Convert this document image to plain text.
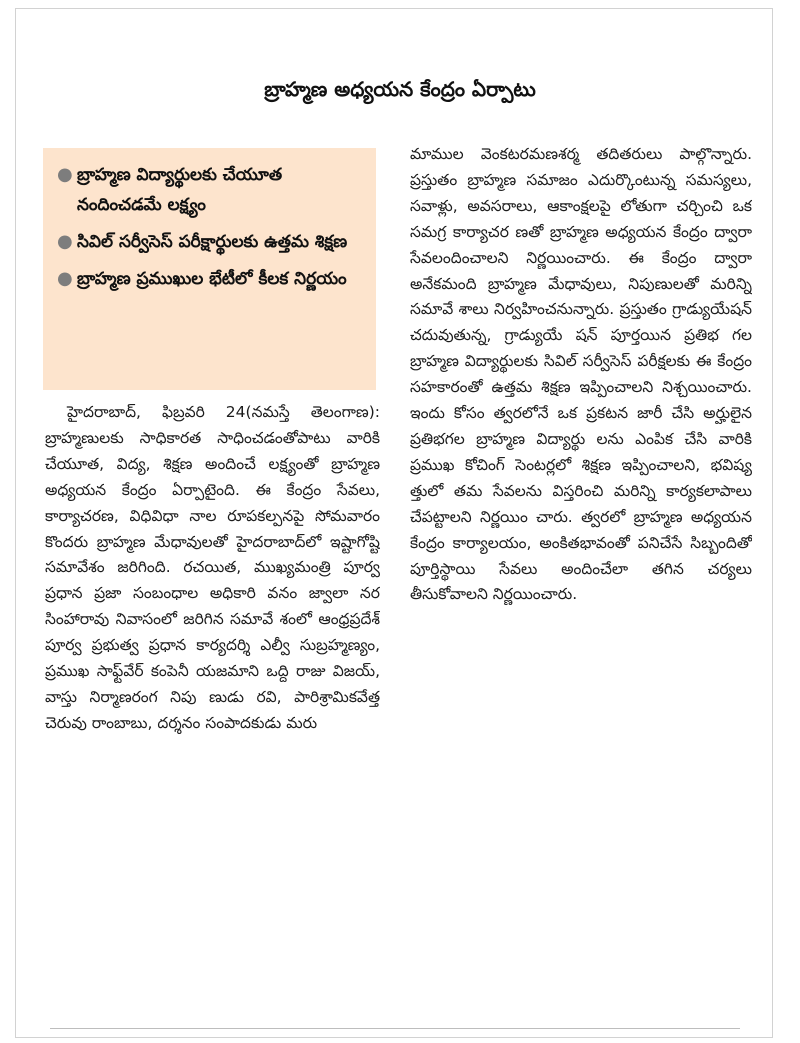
బ్రాహ్మణ అధ్యయన కేంద్రం ఏర్పాటు
● బ్రాహ్మణ విద్యార్థులకు చేయూత నందించడమే లక్ష్యం
● సివిల్ సర్వీసెస్ పరీక్షార్థులకు ఉత్తమ శిక్షణ
● బ్రాహ్మణ ప్రముఖుల భేటీలో కీలక నిర్ణయం

హైదరాబాద్, ఫిబ్రవరి 24(నమస్తే తెలంగాణ): బ్రాహ్మణులకు సాధికారత సాధించడంతోపాటు వారికి చేయూత, విద్య, శిక్షణ అందించే లక్ష్యంతో బ్రాహ్మణ అధ్యయన కేంద్రం ఏర్పాటైంది. ఈ కేంద్రం సేవలు, కార్యాచరణ, విధివిధా నాల రూపకల్పనపై సోమవారం కొందరు బ్రాహ్మణ మేధావులతో హైదరాబాద్‌లో ఇష్టాగోష్టి సమావేశం జరిగింది. రచయిత, ముఖ్యమంత్రి పూర్వ ప్రధాన ప్రజా సంబంధాల అధికారి వనం జ్వాలా నర సింహారావు నివాసంలో జరిగిన సమావే శంలో ఆంధ్రప్రదేశ్ పూర్వ ప్రభుత్వ ప్రధాన కార్యదర్శి ఎల్వీ సుబ్రహ్మణ్యం, ప్రముఖ సాఫ్ట్‌వేర్ కంపెనీ యజమాని ఒద్ది రాజు విజయ్, వాస్తు నిర్మాణరంగ నిపు ణుడు రవి, పారిశ్రామికవేత్త చెరువు రాంబాబు, దర్శనం సంపాదకుడు మరు

మాముల వెంకటరమణశర్మ తదితరులు పాల్గొన్నారు. ప్రస్తుతం బ్రాహ్మణ సమాజం ఎదుర్కొంటున్న సమస్యలు, సవాళ్లు, అవసరాలు, ఆకాంక్షలపై లోతుగా చర్చించి ఒక సమగ్ర కార్యాచర ణతో బ్రాహ్మణ అధ్యయన కేంద్రం ద్వారా సేవలందించాలని నిర్ణయించారు. ఈ కేంద్రం ద్వారా అనేకమంది బ్రాహ్మణ మేధావులు, నిపుణులతో మరిన్ని సమావే శాలు నిర్వహించనున్నారు. ప్రస్తుతం గ్రాడ్యుయేషన్ చదువుతున్న, గ్రాడ్యుయే షన్ పూర్తయిన ప్రతిభ గల బ్రాహ్మణ విద్యార్థులకు సివిల్ సర్వీసెస్ పరీక్షలకు ఈ కేంద్రం సహకారంతో ఉత్తమ శిక్షణ ఇప్పించాలని నిశ్చయించారు. ఇందు కోసం త్వరలోనే ఒక ప్రకటన జారీ చేసి అర్హులైన ప్రతిభగల బ్రాహ్మణ విద్యార్థు లను ఎంపిక చేసి వారికి ప్రముఖ కోచింగ్ సెంటర్లలో శిక్షణ ఇప్పించాలని, భవిష్య త్తులో తమ సేవలను విస్తరించి మరిన్ని కార్యకలాపాలు చేపట్టాలని నిర్ణయిం చారు. త్వరలో బ్రాహ్మణ అధ్యయన కేంద్రం కార్యాలయం, అంకితభావంతో పనిచేసే సిబ్బందితో పూర్తిస్థాయి సేవలు అందించేలా తగిన చర్యలు తీసుకోవాలని నిర్ణయించారు.
